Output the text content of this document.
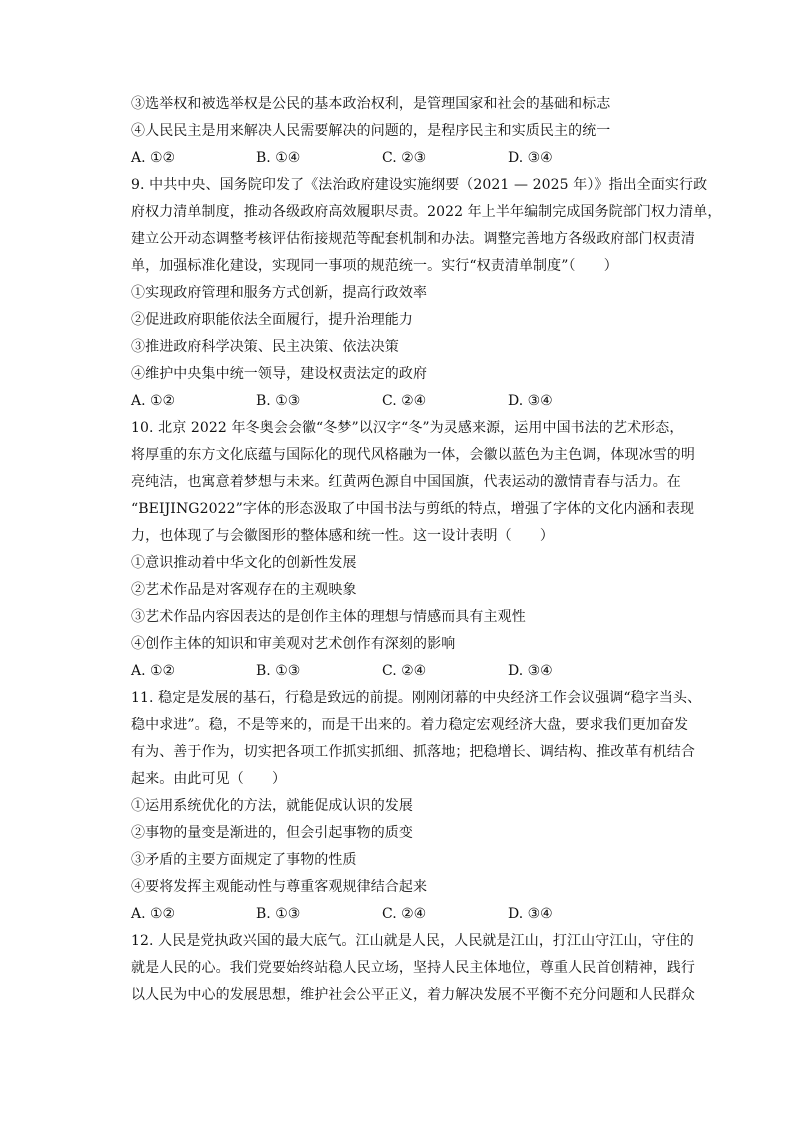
③选举权和被选举权是公民的基本政治权利，是管理国家和社会的基础和标志
④人民民主是用来解决人民需要解决的问题的，是程序民主和实质民主的统一
A. ①②	B. ①④	C. ②③	D. ③④
9. 中共中央、国务院印发了《法治政府建设实施纲要（2021 — 2025 年）》指出全面实行政
府权力清单制度，推动各级政府高效履职尽责。2022 年上半年编制完成国务院部门权力清单，
建立公开动态调整考核评估衔接规范等配套机制和办法。调整完善地方各级政府部门权责清
单，加强标准化建设，实现同一事项的规范统一。实行“权责清单制度”（　　）
①实现政府管理和服务方式创新，提高行政效率
②促进政府职能依法全面履行，提升治理能力
③推进政府科学决策、民主决策、依法决策
④维护中央集中统一领导，建设权责法定的政府
A. ①②	B. ①③	C. ②④	D. ③④
10. 北京 2022 年冬奥会会徽“冬梦”以汉字“冬”为灵感来源，运用中国书法的艺术形态，
将厚重的东方文化底蕴与国际化的现代风格融为一体，会徽以蓝色为主色调，体现冰雪的明
亮纯洁，也寓意着梦想与未来。红黄两色源自中国国旗，代表运动的激情青春与活力。在
“BEIJING2022”字体的形态汲取了中国书法与剪纸的特点，增强了字体的文化内涵和表现
力，也体现了与会徽图形的整体感和统一性。这一设计表明（　　）
①意识推动着中华文化的创新性发展
②艺术作品是对客观存在的主观映象
③艺术作品内容因表达的是创作主体的理想与情感而具有主观性
④创作主体的知识和审美观对艺术创作有深刻的影响
A. ①②	B. ①③	C. ②④	D. ③④
11. 稳定是发展的基石，行稳是致远的前提。刚刚闭幕的中央经济工作会议强调“稳字当头、
稳中求进”。稳，不是等来的，而是干出来的。着力稳定宏观经济大盘，要求我们更加奋发
有为、善于作为，切实把各项工作抓实抓细、抓落地；把稳增长、调结构、推改革有机结合
起来。由此可见（　　）
①运用系统优化的方法，就能促成认识的发展
②事物的量变是渐进的，但会引起事物的质变
③矛盾的主要方面规定了事物的性质
④要将发挥主观能动性与尊重客观规律结合起来
A. ①②	B. ①③	C. ②④	D. ③④
12. 人民是党执政兴国的最大底气。江山就是人民，人民就是江山，打江山守江山，守住的
就是人民的心。我们党要始终站稳人民立场，坚持人民主体地位，尊重人民首创精神，践行
以人民为中心的发展思想，维护社会公平正义，着力解决发展不平衡不充分问题和人民群众
